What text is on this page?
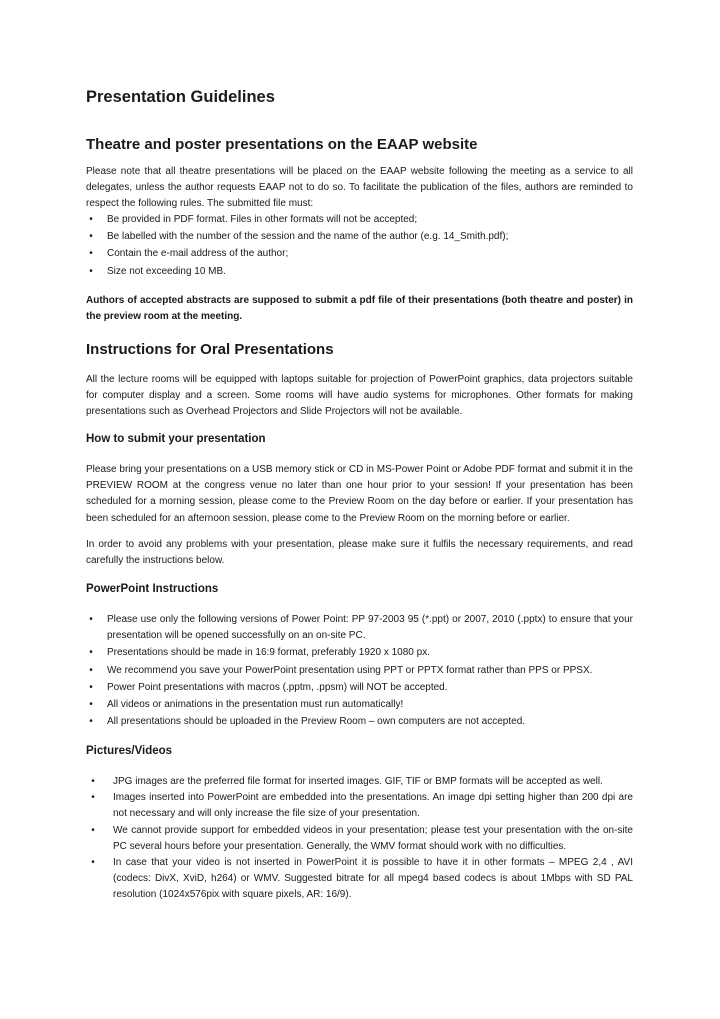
Presentation Guidelines
Theatre and poster presentations on the EAAP website

Please note that all theatre presentations will be placed on the EAAP website following the meeting as a service to all delegates, unless the author requests EAAP not to do so. To facilitate the publication of the files, authors are reminded to respect the following rules. The submitted file must:

•	Be provided in PDF format. Files in other formats will not be accepted;
•	Be labelled with the number of the session and the name of the author (e.g. 14_Smith.pdf);
•	Contain the e-mail address of the author;
•	Size not exceeding 10 MB.

Authors of accepted abstracts are supposed to submit a pdf file of their presentations (both theatre and poster) in the preview room at the meeting.

Instructions for Oral Presentations

All the lecture rooms will be equipped with laptops suitable for projection of PowerPoint graphics, data projectors suitable for computer display and a screen. Some rooms will have audio systems for microphones. Other formats for making presentations such as Overhead Projectors and Slide Projectors will not be available.

How to submit your presentation

Please bring your presentations on a USB memory stick or CD in MS-Power Point or Adobe PDF format and submit it in the PREVIEW ROOM at the congress venue no later than one hour prior to your session! If your presentation has been scheduled for a morning session, please come to the Preview Room on the day before or earlier. If your presentation has been scheduled for an afternoon session, please come to the Preview Room on the morning before or earlier.

In order to avoid any problems with your presentation, please make sure it fulfils the necessary requirements, and read carefully the instructions below.

PowerPoint Instructions
•	Please use only the following versions of Power Point: PP 97-2003 95 (*.ppt) or 2007, 2010 (.pptx) to ensure that your presentation will be opened successfully on an on-site PC.
•	Presentations should be made in 16:9 format, preferably 1920 x 1080 px.
•	We recommend you save your PowerPoint presentation using PPT or PPTX format rather than PPS or PPSX.
•	Power Point presentations with macros (.pptm, .ppsm) will NOT be accepted.
•	All videos or animations in the presentation must run automatically!
•	All presentations should be uploaded in the Preview Room – own computers are not accepted.
Pictures/Videos
•	JPG images are the preferred file format for inserted images. GIF, TIF or BMP formats will be accepted as well.
•	Images inserted into PowerPoint are embedded into the presentations. An image dpi setting higher than 200 dpi are not necessary and will only increase the file size of your presentation.
•	We cannot provide support for embedded videos in your presentation; please test your presentation with the on-site PC several hours before your presentation. Generally, the WMV format should work with no difficulties.
•	In case that your video is not inserted in PowerPoint it is possible to have it in other formats – MPEG 2,4 , AVI (codecs: DivX, XviD, h264) or WMV. Suggested bitrate for all mpeg4 based codecs is about 1Mbps with SD PAL resolution (1024x576pix with square pixels, AR: 16/9).
